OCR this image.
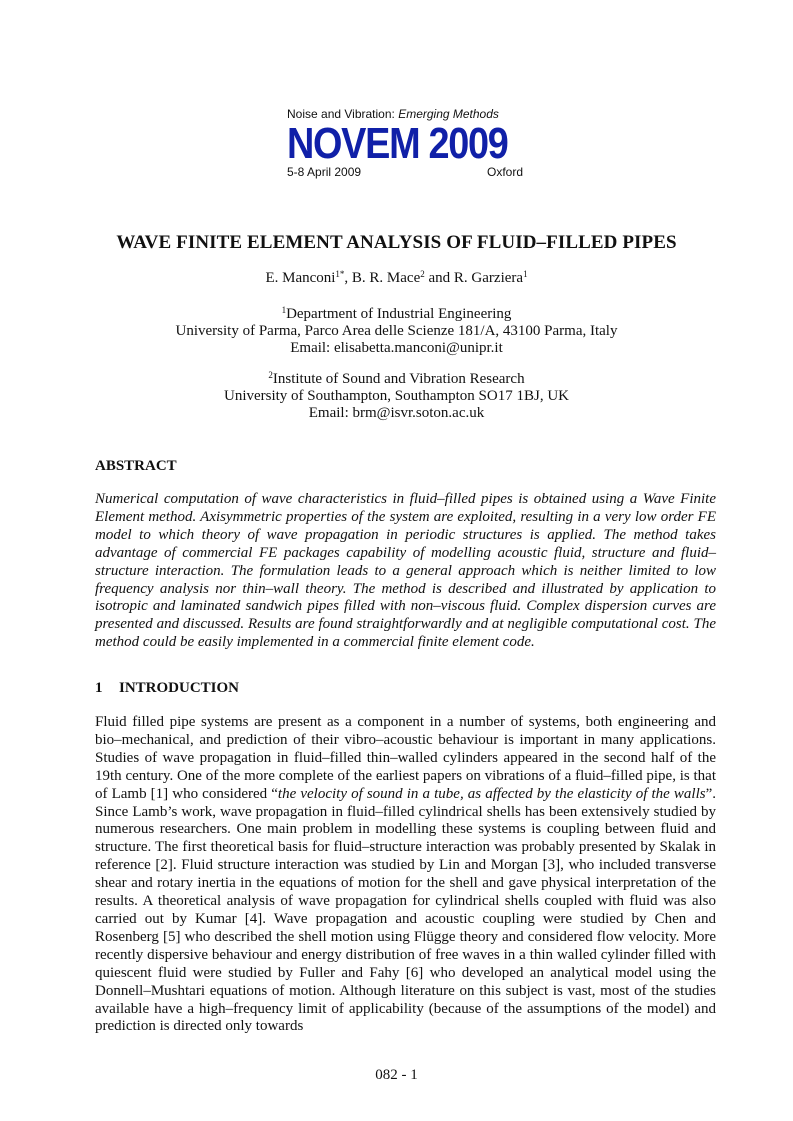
Noise and Vibration: Emerging Methods
NOVEM 2009
5-8 April 2009	Oxford
WAVE FINITE ELEMENT ANALYSIS OF FLUID–FILLED PIPES
E. Manconi$^{1*}$, B. R. Mace$^2$ and R. Garziera$^1$
$^1$Department of Industrial Engineering
University of Parma, Parco Area delle Scienze 181/A, 43100 Parma, Italy
Email: elisabetta.manconi@unipr.it
$^2$Institute of Sound and Vibration Research
University of Southampton, Southampton SO17 1BJ, UK
Email: brm@isvr.soton.ac.uk
ABSTRACT
Numerical computation of wave characteristics in fluid–filled pipes is obtained using a Wave Finite Element method. Axisymmetric properties of the system are exploited, resulting in a very low order FE model to which theory of wave propagation in periodic structures is applied. The method takes advantage of commercial FE packages capability of modelling acoustic fluid, structure and fluid–structure interaction. The formulation leads to a general approach which is neither limited to low frequency analysis nor thin–wall theory. The method is described and illustrated by application to isotropic and laminated sandwich pipes filled with non–viscous fluid. Complex dispersion curves are presented and discussed. Results are found straightforwardly and at negligible computational cost. The method could be easily implemented in a commercial finite element code.
1 INTRODUCTION
Fluid filled pipe systems are present as a component in a number of systems, both engineering and bio–mechanical, and prediction of their vibro–acoustic behaviour is important in many applications. Studies of wave propagation in fluid–filled thin–walled cylinders appeared in the second half of the 19th century. One of the more complete of the earliest papers on vibrations of a fluid–filled pipe, is that of Lamb [1] who considered “the velocity of sound in a tube, as affected by the elasticity of the walls”. Since Lamb’s work, wave propagation in fluid–filled cylindrical shells has been extensively studied by numerous researchers. One main problem in modelling these systems is coupling between fluid and structure. The first theoretical basis for fluid–structure interaction was probably presented by Skalak in reference [2]. Fluid structure interaction was studied by Lin and Morgan [3], who included transverse shear and rotary inertia in the equations of motion for the shell and gave physical interpretation of the results. A theoretical analysis of wave propagation for cylindrical shells coupled with fluid was also carried out by Kumar [4]. Wave propagation and acoustic coupling were studied by Chen and Rosenberg [5] who described the shell motion using Flügge theory and considered flow velocity. More recently dispersive behaviour and energy distribution of free waves in a thin walled cylinder filled with quiescent fluid were studied by Fuller and Fahy [6] who developed an analytical model using the Donnell–Mushtari equations of motion. Although literature on this subject is vast, most of the studies available have a high–frequency limit of applicability (because of the assumptions of the model) and prediction is directed only towards
082 - 1
